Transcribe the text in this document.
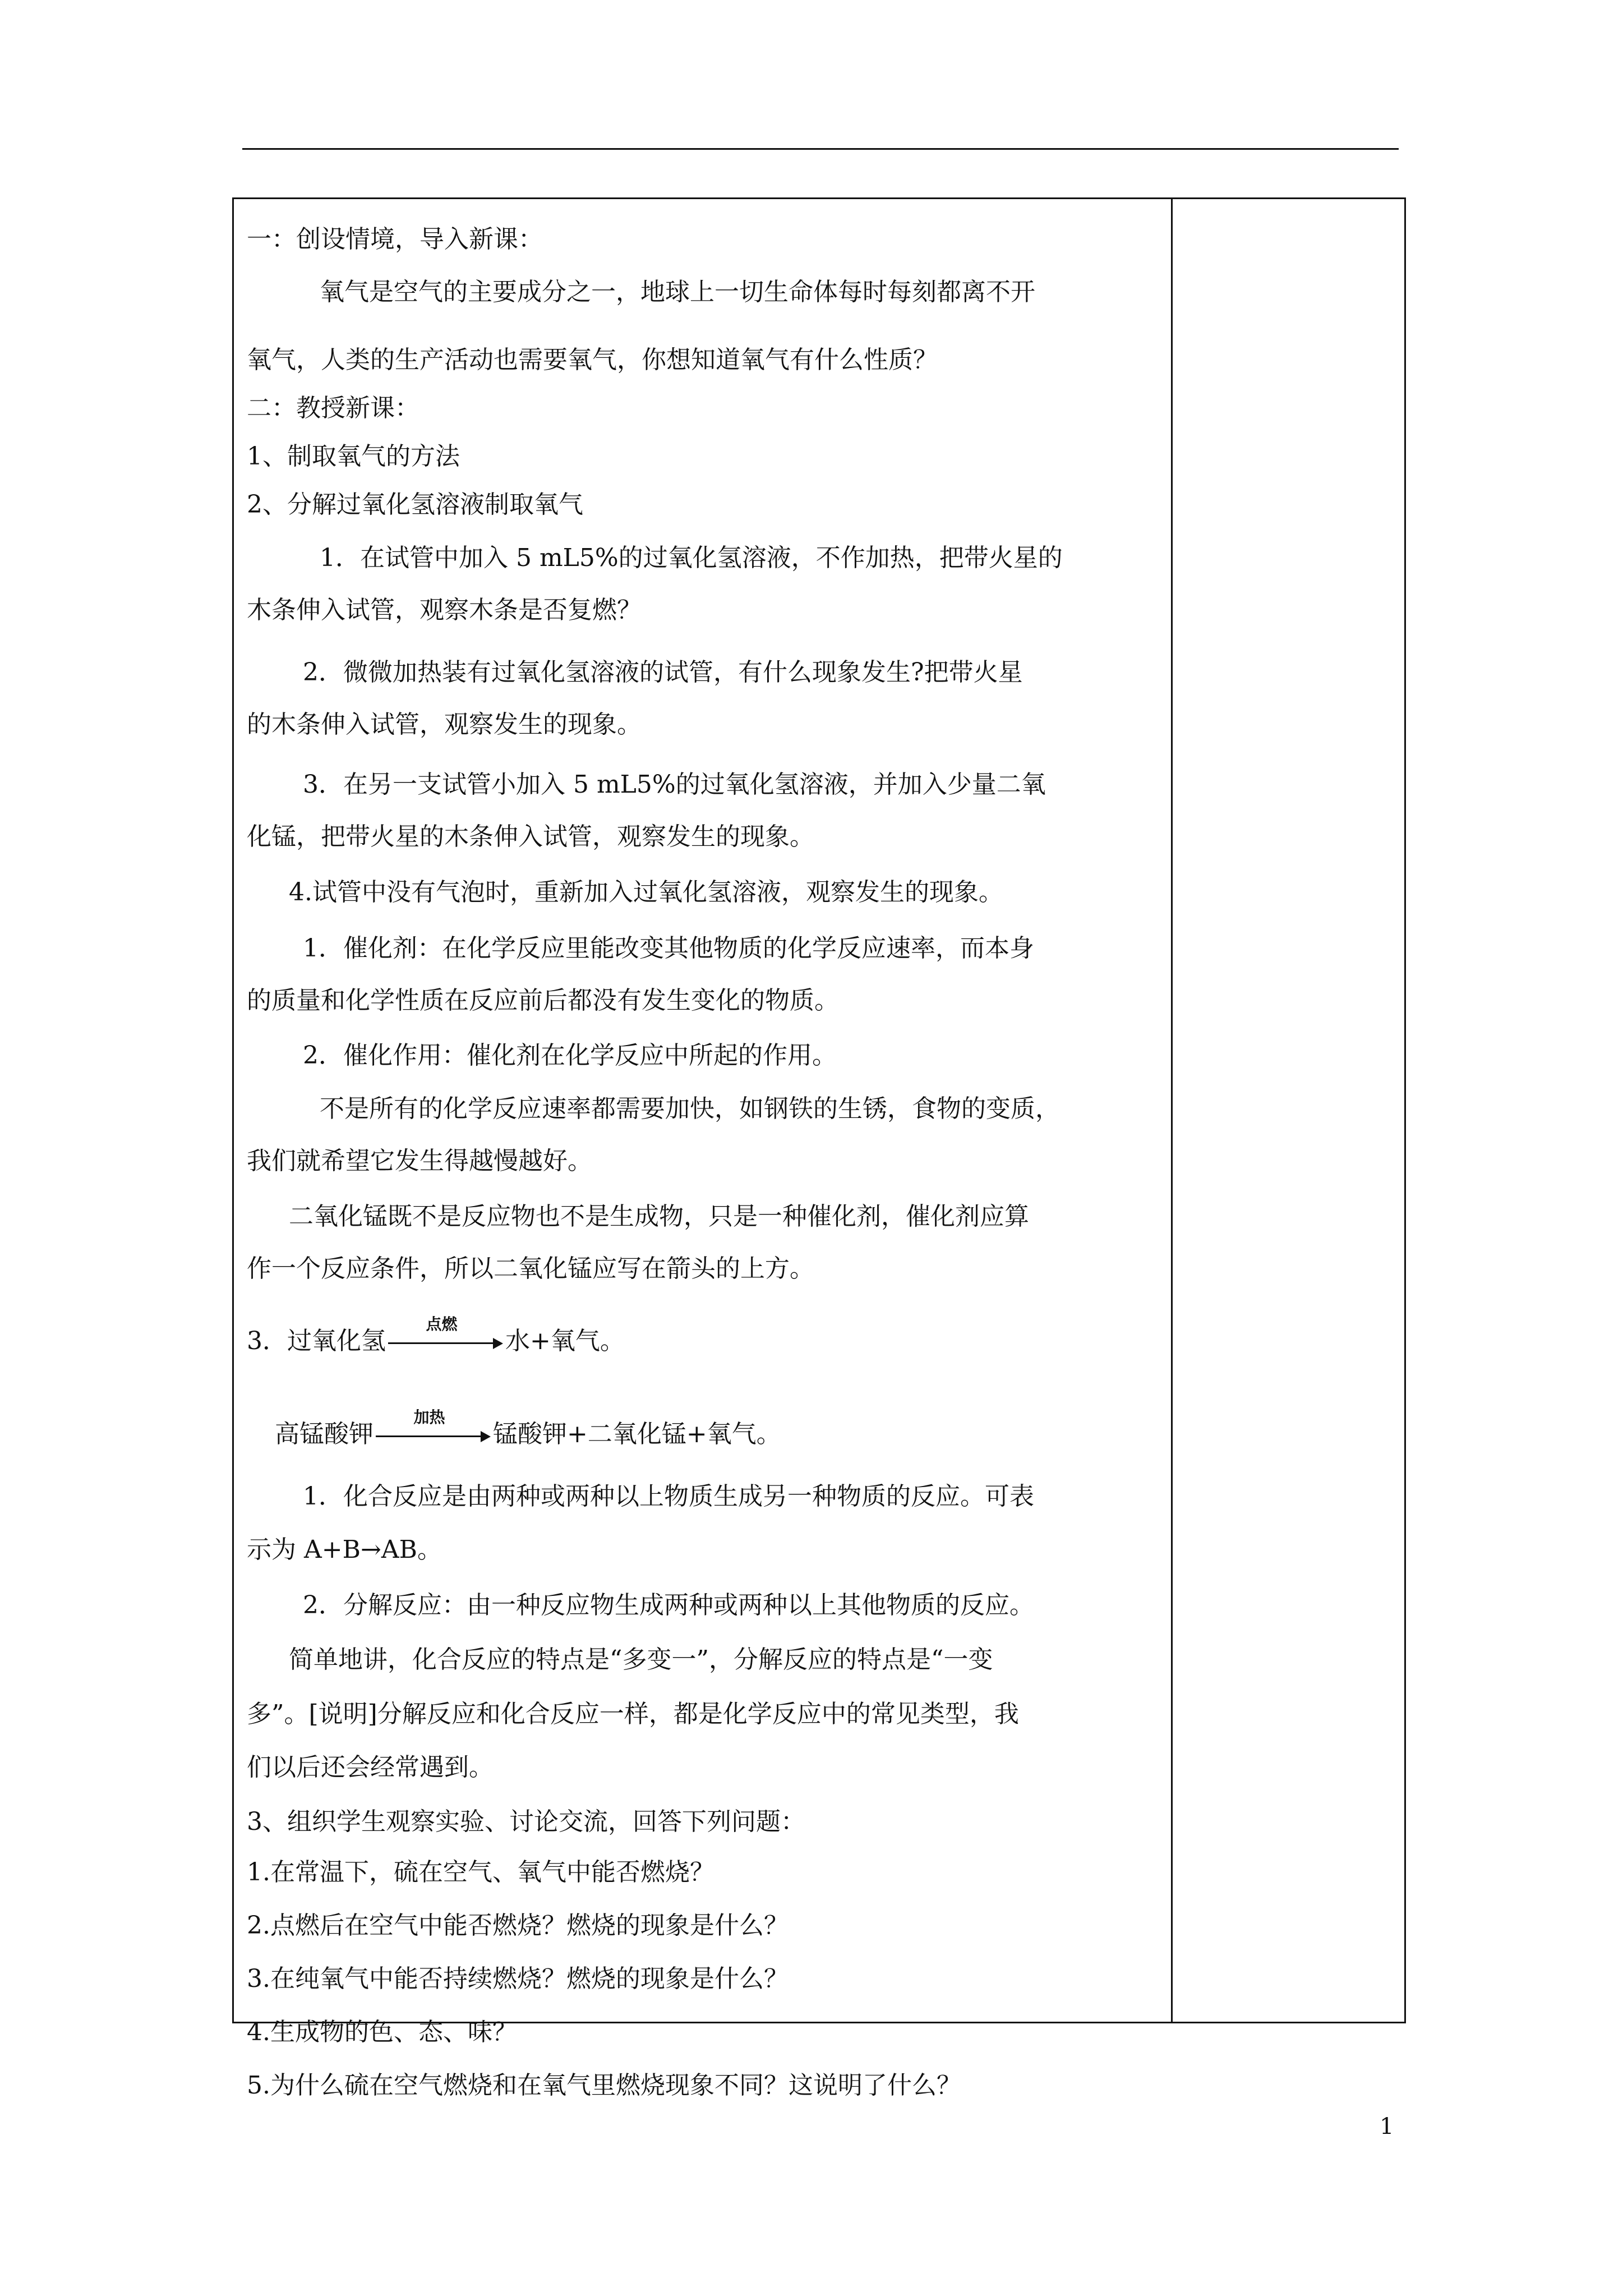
一：创设情境，导入新课：
氧气是空气的主要成分之一，地球上一切生命体每时每刻都离不开
氧气，人类的生产活动也需要氧气，你想知道氧气有什么性质？
二：教授新课：
1、制取氧气的方法
2、分解过氧化氢溶液制取氧气
1．在试管中加入 5 mL5%的过氧化氢溶液，不作加热，把带火星的
木条伸入试管，观察木条是否复燃？
2．微微加热装有过氧化氢溶液的试管，有什么现象发生?把带火星
的木条伸入试管，观察发生的现象。
3．在另一支试管小加入 5 mL5%的过氧化氢溶液，并加入少量二氧
化锰，把带火星的木条伸入试管，观察发生的现象。
4.试管中没有气泡时，重新加入过氧化氢溶液，观察发生的现象。
1．催化剂：在化学反应里能改变其他物质的化学反应速率，而本身
的质量和化学性质在反应前后都没有发生变化的物质。
2．催化作用：催化剂在化学反应中所起的作用。
不是所有的化学反应速率都需要加快，如钢铁的生锈，食物的变质，
我们就希望它发生得越慢越好。
二氧化锰既不是反应物也不是生成物，只是一种催化剂，催化剂应算
作一个反应条件，所以二氧化锰应写在箭头的上方。
3．过氧化氢
点燃
水+氧气。
高锰酸钾
加热
锰酸钾+二氧化锰+氧气。
1．化合反应是由两种或两种以上物质生成另一种物质的反应。可表
示为 A+B→AB。
2．分解反应：由一种反应物生成两种或两种以上其他物质的反应。
简单地讲，化合反应的特点是“多变一”，分解反应的特点是“一变
多”。[说明]分解反应和化合反应一样，都是化学反应中的常见类型，我
们以后还会经常遇到。
3、组织学生观察实验、讨论交流，回答下列问题：
1.在常温下，硫在空气、氧气中能否燃烧？
2.点燃后在空气中能否燃烧？燃烧的现象是什么？
3.在纯氧气中能否持续燃烧？燃烧的现象是什么？
4.生成物的色、态、味？
5.为什么硫在空气燃烧和在氧气里燃烧现象不同？这说明了什么？
1
